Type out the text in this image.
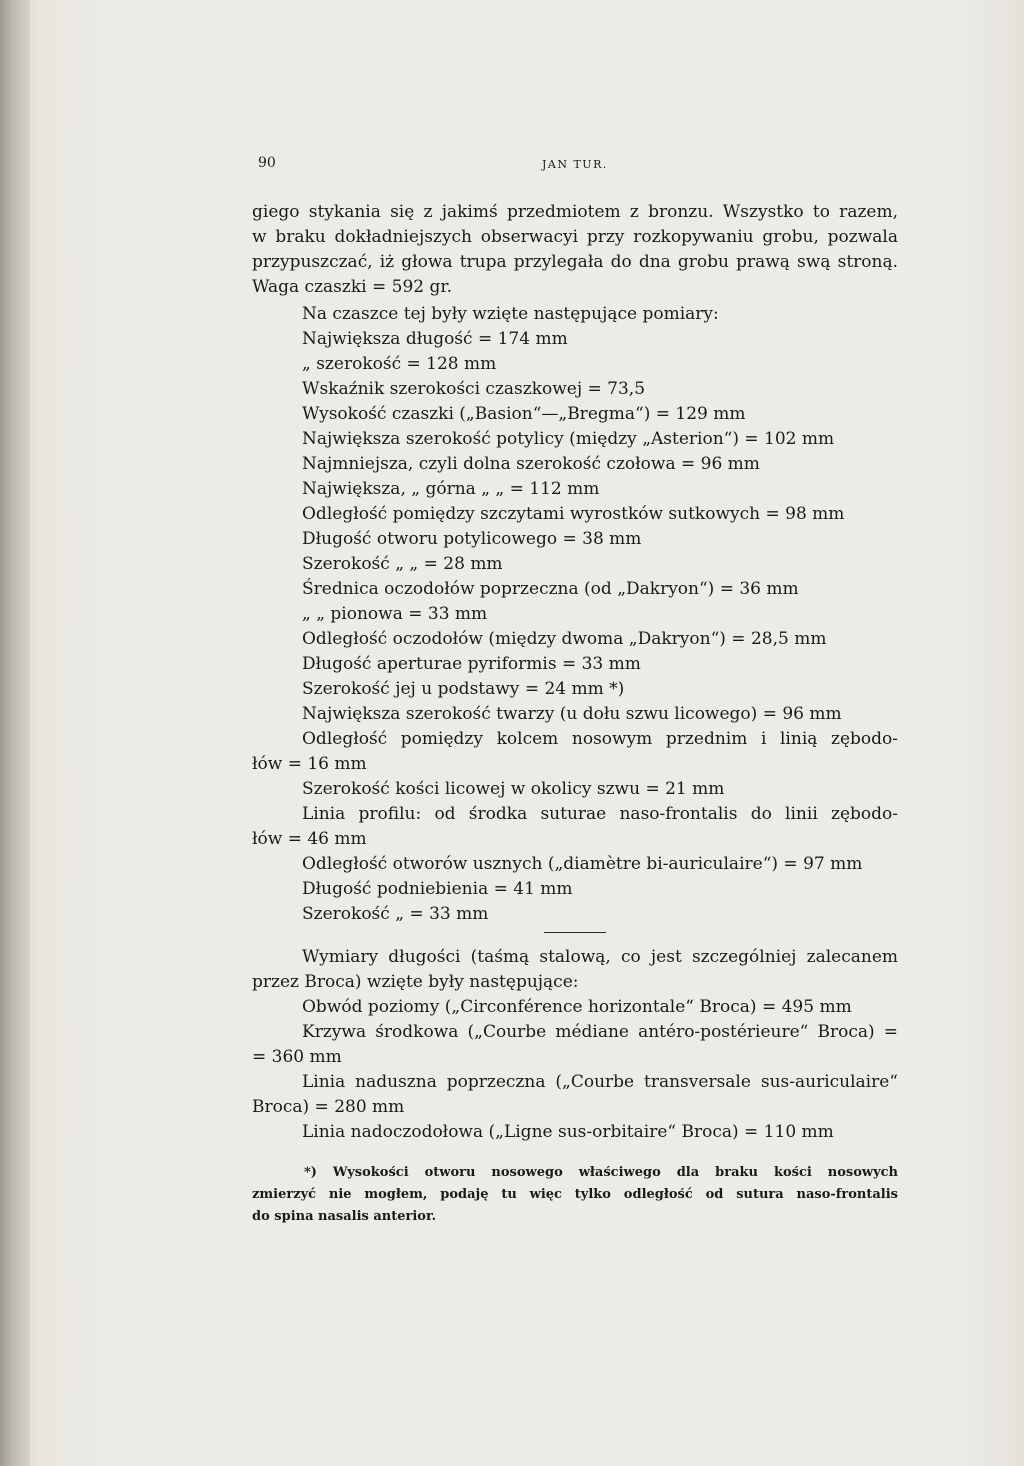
90	JAN TUR.
giego stykania się z jakimś przedmiotem z bronzu. Wszystko to razem,
w braku dokładniejszych obserwacyi przy rozkopywaniu grobu, pozwala
przypuszczać, iż głowa trupa przylegała do dna grobu prawą swą stroną.
Waga czaszki = 592 gr.
Na czaszce tej były wzięte następujące pomiary:
Największa długość = 174 mm
„ szerokość = 128 mm
Wskaźnik szerokości czaszkowej = 73,5
Wysokość czaszki („Basion“—„Bregma“) = 129 mm
Największa szerokość potylicy (między „Asterion“) = 102 mm
Najmniejsza, czyli dolna szerokość czołowa = 96 mm
Największa, „ górna „ „ = 112 mm
Odległość pomiędzy szczytami wyrostków sutkowych = 98 mm
Długość otworu potylicowego = 38 mm
Szerokość „ „ = 28 mm
Średnica oczodołów poprzeczna (od „Dakryon“) = 36 mm
„ „ pionowa = 33 mm
Odległość oczodołów (między dwoma „Dakryon“) = 28,5 mm
Długość aperturae pyriformis = 33 mm
Szerokość jej u podstawy = 24 mm *)
Największa szerokość twarzy (u dołu szwu licowego) = 96 mm
Odległość pomiędzy kolcem nosowym przednim i linią zębodo-
łów = 16 mm
Szerokość kości licowej w okolicy szwu = 21 mm
Linia profilu: od środka suturae naso-frontalis do linii zębodo-
łów = 46 mm
Odległość otworów usznych („diamètre bi-auriculaire“) = 97 mm
Długość podniebienia = 41 mm
Szerokość „ = 33 mm
Wymiary długości (taśmą stalową, co jest szczególniej zalecanem
przez Broca) wzięte były następujące:
Obwód poziomy („Circonférence horizontale“ Broca) = 495 mm
Krzywa środkowa („Courbe médiane antéro-postérieure“ Broca) =
= 360 mm
Linia naduszna poprzeczna („Courbe transversale sus-auriculaire“
Broca) = 280 mm
Linia nadoczodołowa („Ligne sus-orbitaire“ Broca) = 110 mm
*) Wysokości otworu nosowego właściwego dla braku kości nosowych
zmierzyć nie mogłem, podaję tu więc tylko odległość od sutura naso-frontalis
do spina nasalis anterior.
